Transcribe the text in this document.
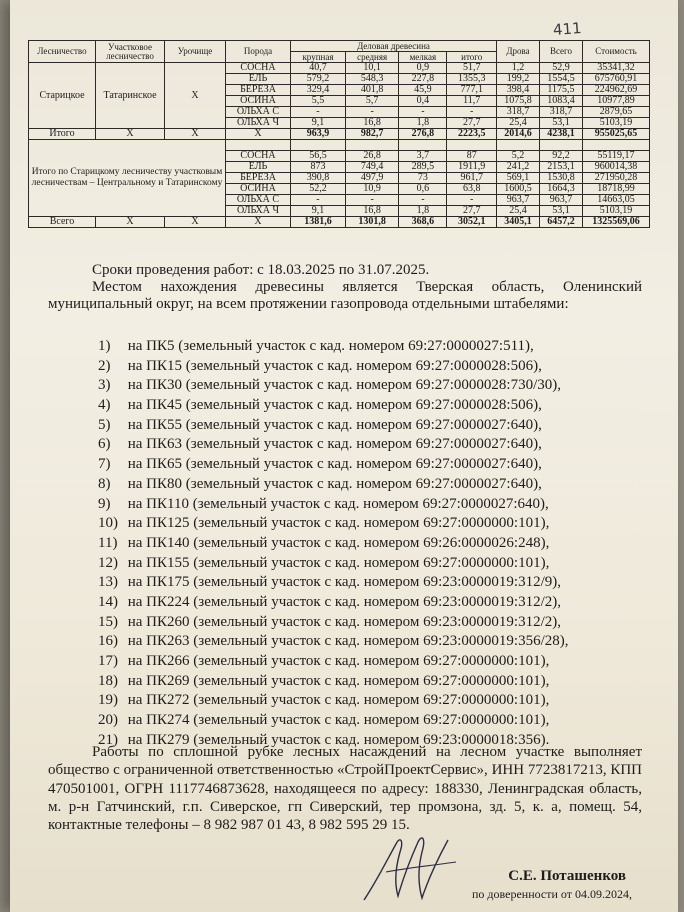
411
Лесничество	Участковое лесничество	Урочище	Порода	Деловая древесина				Дрова	Всего	Стоимость
				крупная	средняя	мелкая	итого			
Старицкое	Татаринское	Х	СОСНА	40,7	10,1	0,9	51,7	1,2	52,9	35341,32
			ЕЛЬ	579,2	548,3	227,8	1355,3	199,2	1554,5	675760,91
			БЕРЕЗА	329,4	401,8	45,9	777,1	398,4	1175,5	224962,69
			ОСИНА	5,5	5,7	0,4	11,7	1075,8	1083,4	10977,89
			ОЛЬХА С	-	-	-	-	318,7	318,7	2879,65
			ОЛЬХА Ч	9,1	16,8	1,8	27,7	25,4	53,1	5103,19
Итого	Х	Х	Х	963,9	982,7	276,8	2223,5	2014,6	4238,1	955025,65
Итого по Старицкому лесничеству участковым лесничествам – Центральному и Татаринскому										
			СОСНА	56,5	26,8	3,7	87	5,2	92,2	55119,17
			ЕЛЬ	873	749,4	289,5	1911,9	241,2	2153,1	960014,38
			БЕРЕЗА	390,8	497,9	73	961,7	569,1	1530,8	271950,28
			ОСИНА	52,2	10,9	0,6	63,8	1600,5	1664,3	18718,99
			ОЛЬХА С	-	-	-	-	963,7	963,7	14663,05
			ОЛЬХА Ч	9,1	16,8	1,8	27,7	25,4	53,1	5103,19
Всего	Х	Х	Х	1381,6	1301,8	368,6	3052,1	3405,1	6457,2	1325569,06

Сроки проведения работ: с 18.03.2025 по 31.07.2025.

Местом нахождения древесины является Тверская область, Оленинский муниципальный округ, на всем протяжении газопровода отдельными штабелями:

1) на ПК5 (земельный участок с кад. номером 69:27:0000027:511),
2) на ПК15 (земельный участок с кад. номером 69:27:0000028:506),
3) на ПК30 (земельный участок с кад. номером 69:27:0000028:730/30),
4) на ПК45 (земельный участок с кад. номером 69:27:0000028:506),
5) на ПК55 (земельный участок с кад. номером 69:27:0000027:640),
6) на ПК63 (земельный участок с кад. номером 69:27:0000027:640),
7) на ПК65 (земельный участок с кад. номером 69:27:0000027:640),
8) на ПК80 (земельный участок с кад. номером 69:27:0000027:640),
9) на ПК110 (земельный участок с кад. номером 69:27:0000027:640),
10) на ПК125 (земельный участок с кад. номером 69:27:0000000:101),
11) на ПК140 (земельный участок с кад. номером 69:26:0000026:248),
12) на ПК155 (земельный участок с кад. номером 69:27:0000000:101),
13) на ПК175 (земельный участок с кад. номером 69:23:0000019:312/9),
14) на ПК224 (земельный участок с кад. номером 69:23:0000019:312/2),
15) на ПК260 (земельный участок с кад. номером 69:23:0000019:312/2),
16) на ПК263 (земельный участок с кад. номером 69:23:0000019:356/28),
17) на ПК266 (земельный участок с кад. номером 69:27:0000000:101),
18) на ПК269 (земельный участок с кад. номером 69:27:0000000:101),
19) на ПК272 (земельный участок с кад. номером 69:27:0000000:101),
20) на ПК274 (земельный участок с кад. номером 69:27:0000000:101),
21) на ПК279 (земельный участок с кад. номером 69:23:0000018:356).

Работы по сплошной рубке лесных насаждений на лесном участке выполняет общество с ограниченной ответственностью «СтройПроектСервис», ИНН 7723817213, КПП 470501001, ОГРН 1117746873628, находящееся по адресу: 188330, Ленинградская область, м. р-н Гатчинский, г.п. Сиверское, гп Сиверский, тер промзона, зд. 5, к. а, помещ. 54, контактные телефоны – 8 982 987 01 43, 8 982 595 29 15.

С.Е. Поташенков
по доверенности от 04.09.2024,
